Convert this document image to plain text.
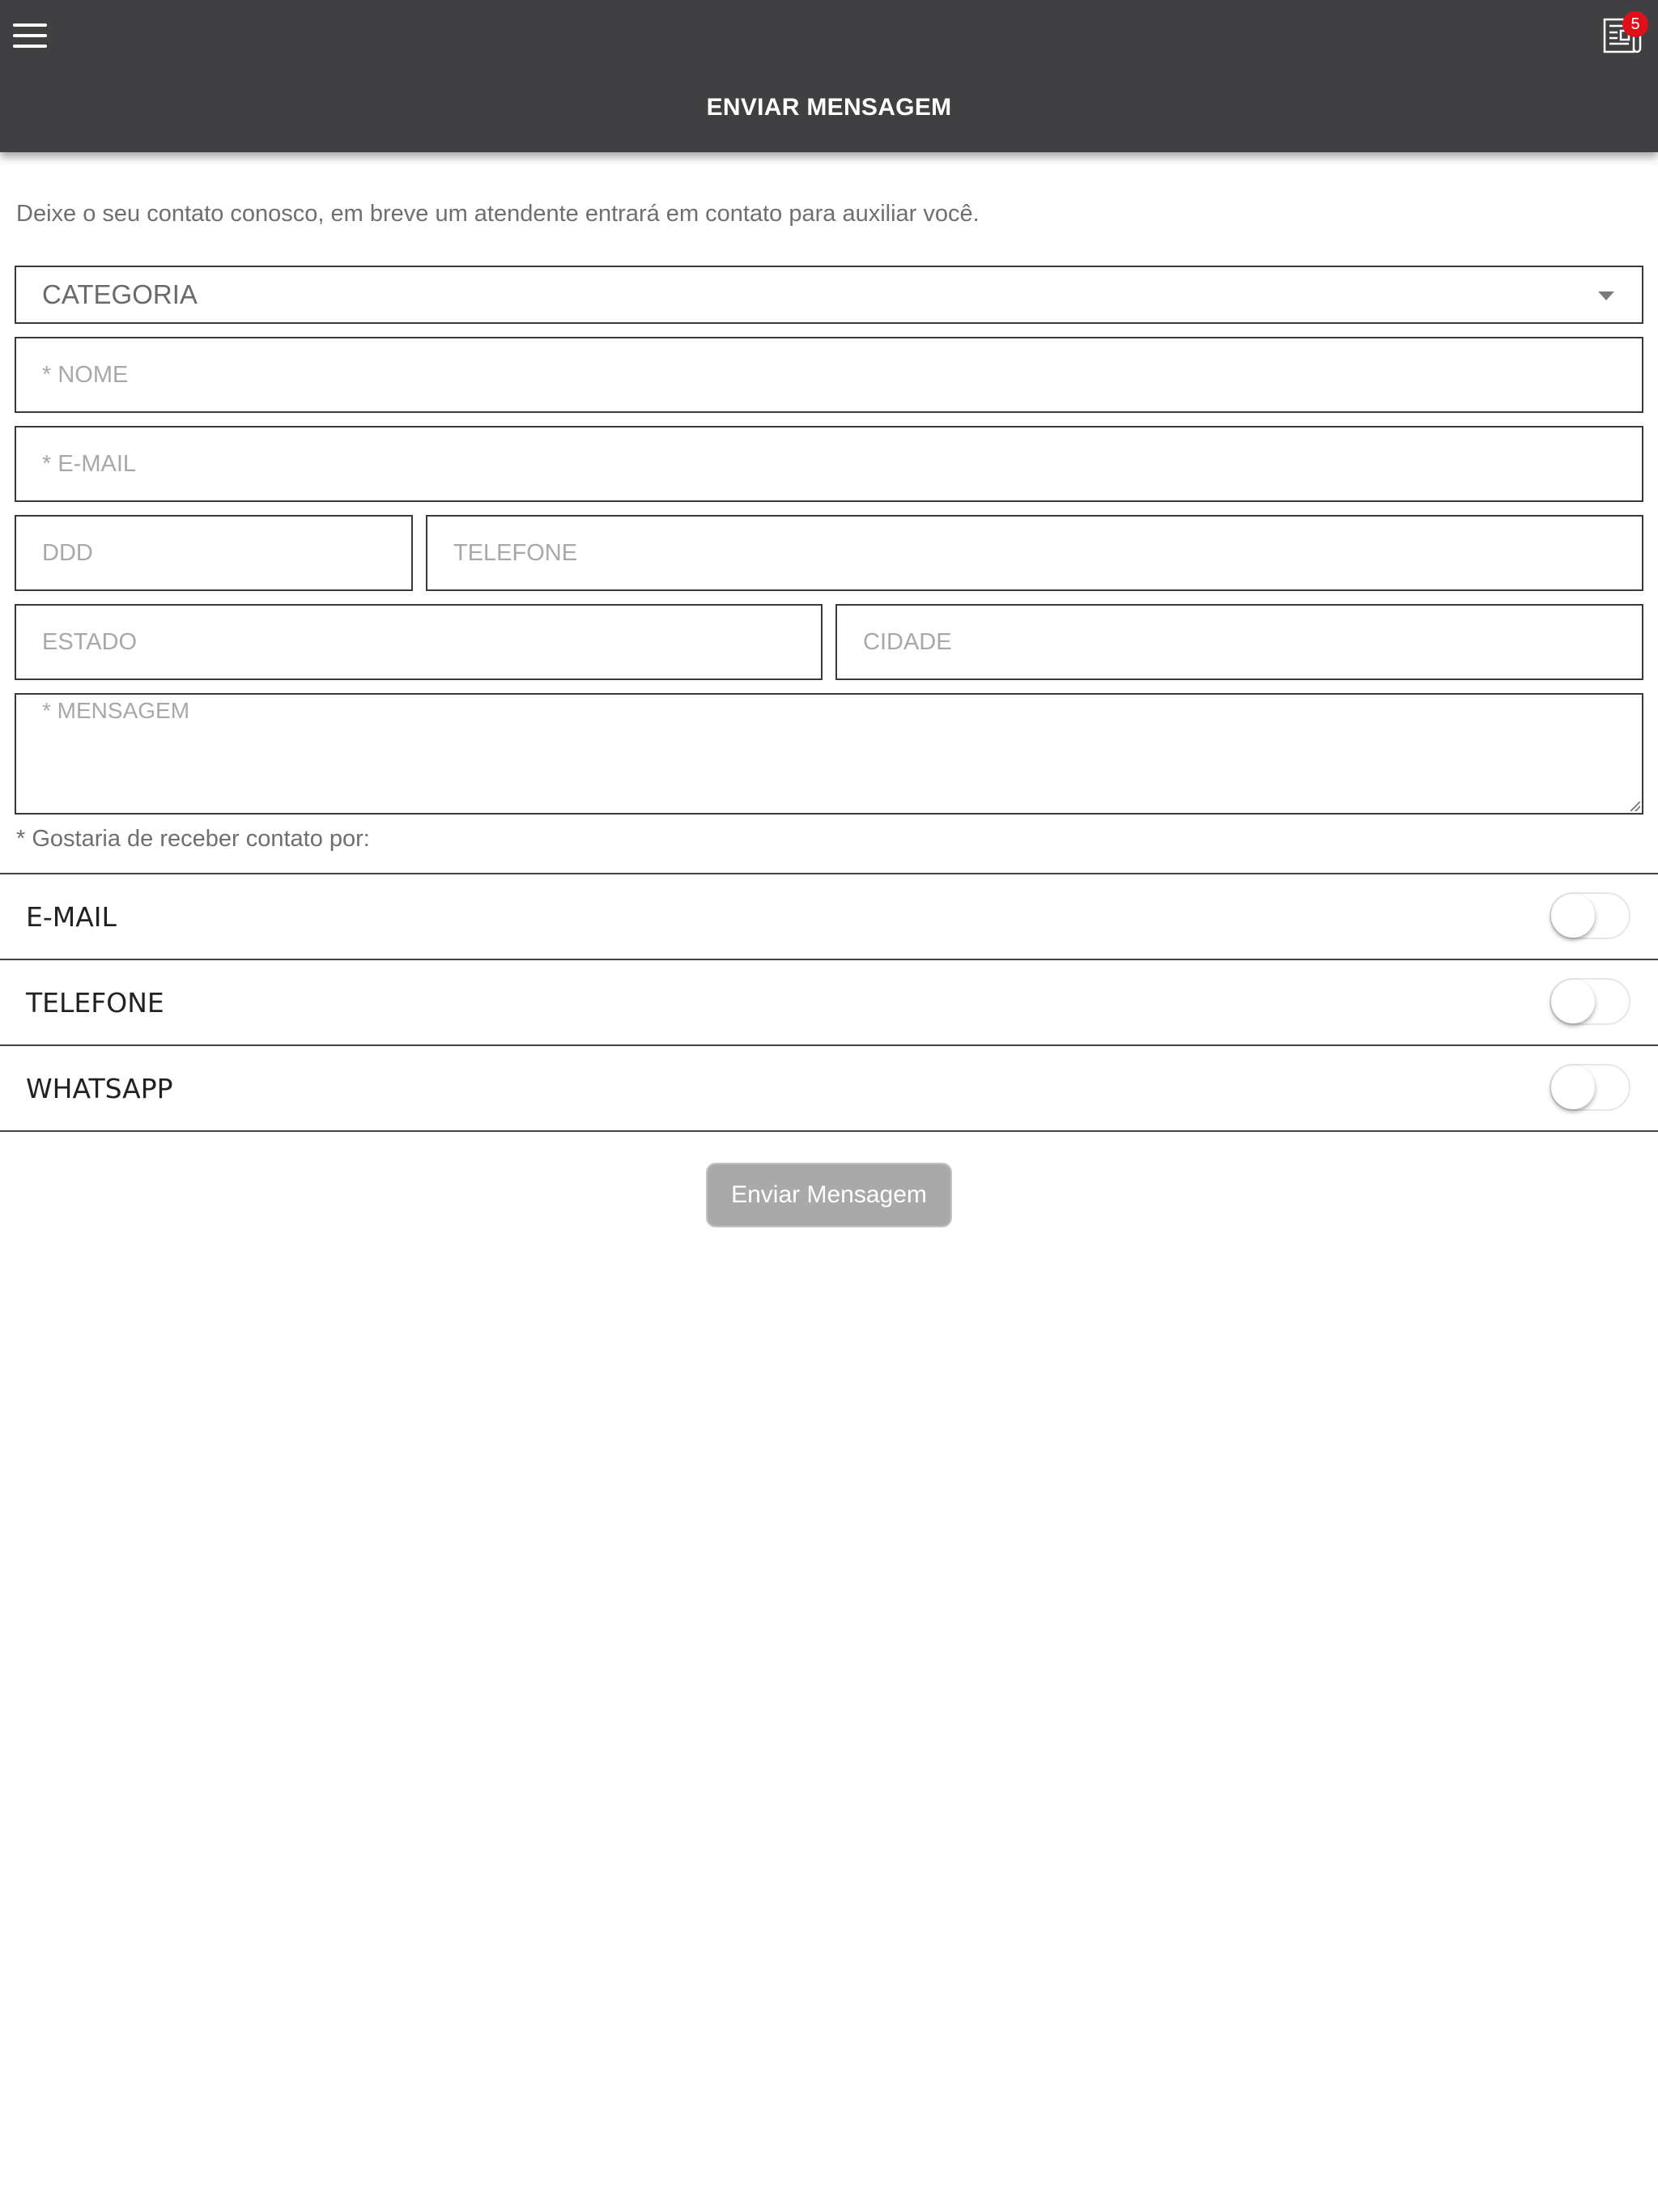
5
ENVIAR MENSAGEM
Deixe o seu contato conosco, em breve um atendente entrará em contato para auxiliar você.
CATEGORIA
* NOME
* E-MAIL
DDD
TELEFONE
ESTADO
CIDADE
* MENSAGEM
* Gostaria de receber contato por:
E-MAIL
TELEFONE
WHATSAPP
Enviar Mensagem
